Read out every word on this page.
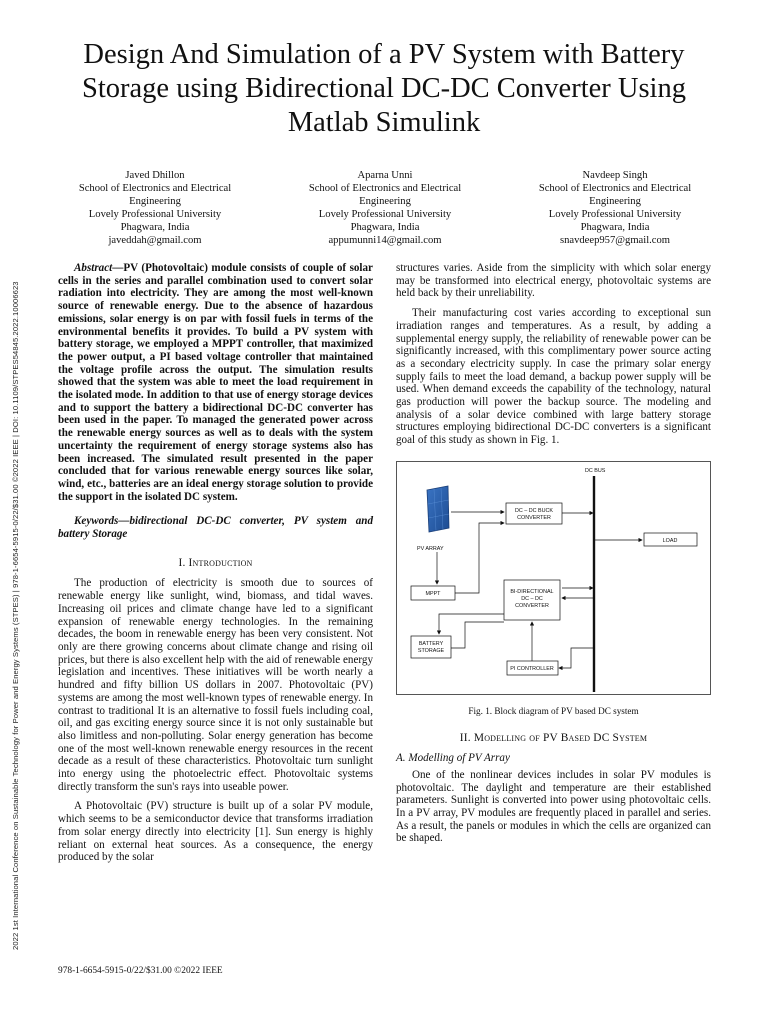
2022 1st International Conference on Sustainable Technology for Power and Energy Systems (STPES) | 978-1-6654-5915-0/22/$31.00 ©2022 IEEE | DOI: 10.1109/STPES54845.2022.10006623
Design And Simulation of a PV System with Battery Storage using Bidirectional DC-DC Converter Using Matlab Simulink
Javed Dhillon
School of Electronics and Electrical
Engineering
Lovely Professional University
Phagwara, India
javeddah@gmail.com
Aparna Unni
School of Electronics and Electrical
Engineering
Lovely Professional University
Phagwara, India
appumunni14@gmail.com
Navdeep Singh
School of Electronics and Electrical
Engineering
Lovely Professional University
Phagwara, India
snavdeep957@gmail.com

Abstract—PV (Photovoltaic) module consists of couple of solar cells in the series and parallel combination used to convert solar radiation into electricity. They are among the most well-known source of renewable energy. Due to the absence of hazardous emissions, solar energy is on par with fossil fuels in terms of the environmental benefits it provides. To build a PV system with battery storage, we employed a MPPT controller, that maximized the power output, a PI based voltage controller that maintained the voltage profile across the output. The simulation results showed that the system was able to meet the load requirement in the isolated mode. In addition to that use of energy storage devices and to support the battery a bidirectional DC-DC converter has been used in the paper. To managed the generated power across the renewable energy sources as well as to deals with the system uncertainty the requirement of energy storage systems also has been increased. The simulated result presented in the paper concluded that for various renewable energy sources like solar, wind, etc., batteries are an ideal energy storage solution to provide the support in the isolated DC system.

Keywords—bidirectional DC-DC converter, PV system and battery Storage

I. Introduction

The production of electricity is smooth due to sources of renewable energy like sunlight, wind, biomass, and tidal waves. Increasing oil prices and climate change have led to a significant expansion of renewable energy technologies. In the remaining decades, the boom in renewable energy has been very consistent. Not only are there growing concerns about climate change and rising oil prices, but there is also excellent help with the aid of renewable energy legislation and incentives. These initiatives will be worth nearly a hundred and fifty billion US dollars in 2007. Photovoltaic (PV) systems are among the most well-known types of renewable energy. In contrast to traditional It is an alternative to fossil fuels including coal, oil, and gas exciting energy source since it is not only sustainable but also limitless and non-polluting. Solar energy generation has become one of the most well-known renewable energy resources in the recent decade as a result of these characteristics. Photovoltaic turn sunlight into energy using the photoelectric effect. Photovoltaic systems directly transform the sun's rays into useable power.

A Photovoltaic (PV) structure is built up of a solar PV module, which seems to be a semiconductor device that transforms irradiation from solar energy directly into electricity [1]. Sun energy is highly reliant on external heat sources. As a consequence, the energy produced by the solar

structures varies. Aside from the simplicity with which solar energy may be transformed into electrical energy, photovoltaic systems are held back by their unreliability.

Their manufacturing cost varies according to exceptional sun irradiation ranges and temperatures. As a result, by adding a supplemental energy supply, the reliability of renewable power can be significantly increased, with this complimentary power source acting as a secondary electricity supply. In case the primary solar energy supply fails to meet the load demand, a backup power supply will be used. When demand exceeds the capability of the technology, natural gas production will power the backup source. The modeling and analysis of a solar device combined with large battery storage structures employing bidirectional DC-DC converters is a significant goal of this study as shown in Fig. 1.

DC BUS
PV ARRAY
DC – DC BUCK
CONVERTER
LOAD
MPPT	BI-DIRECTIONAL
DC – DC
CONVERTER
BATTERY
STORAGE
PI CONTROLLER
Fig. 1. Block diagram of PV based DC system
II. Modelling of PV Based DC System
A. Modelling of PV Array

One of the nonlinear devices includes in solar PV modules is photovoltaic. The daylight and temperature are their established parameters. Sunlight is converted into power using photovoltaic cells. In a PV array, PV modules are frequently placed in parallel and series. As a result, the panels or modules in which the cells are organized can be shaped.

978-1-6654-5915-0/22/$31.00 ©2022 IEEE
